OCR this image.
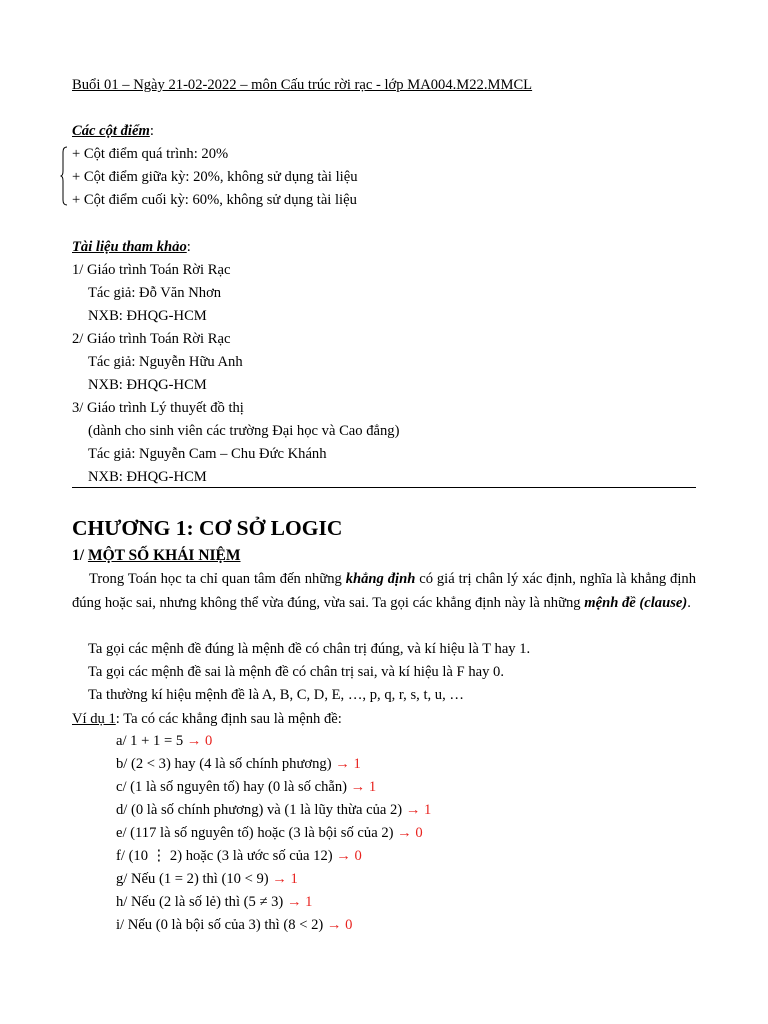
Buổi 01 – Ngày 21-02-2022 – môn Cấu trúc rời rạc - lớp MA004.M22.MMCL
Các cột điểm:
+ Cột điểm quá trình: 20%
+ Cột điểm giữa kỳ: 20%, không sử dụng tài liệu
+ Cột điểm cuối kỳ: 60%, không sử dụng tài liệu
Tài liệu tham khảo:
1/ Giáo trình Toán Rời Rạc
Tác giả: Đỗ Văn Nhơn
NXB: ĐHQG-HCM
2/ Giáo trình Toán Rời Rạc
Tác giả: Nguyễn Hữu Anh
NXB: ĐHQG-HCM
3/ Giáo trình Lý thuyết đồ thị
(dành cho sinh viên các trường Đại học và Cao đẳng)
Tác giả: Nguyễn Cam – Chu Đức Khánh
NXB: ĐHQG-HCM
CHƯƠNG 1: CƠ SỞ LOGIC
1/ MỘT SỐ KHÁI NIỆM
Trong Toán học ta chỉ quan tâm đến những khẳng định có giá trị chân lý xác định, nghĩa là khẳng định đúng hoặc sai, nhưng không thể vừa đúng, vừa sai. Ta gọi các khẳng định này là những mệnh đề (clause).
Ta gọi các mệnh đề đúng là mệnh đề có chân trị đúng, và kí hiệu là T hay 1.
Ta gọi các mệnh đề sai là mệnh đề có chân trị sai, và kí hiệu là F hay 0.
Ta thường kí hiệu mệnh đề là A, B, C, D, E, …, p, q, r, s, t, u, …
Ví dụ 1: Ta có các khẳng định sau là mệnh đề:
a/ 1 + 1 = 5 → 0
b/ (2 < 3) hay (4 là số chính phương) → 1
c/ (1 là số nguyên tố) hay (0 là số chẵn) → 1
d/ (0 là số chính phương) và (1 là lũy thừa của 2) → 1
e/ (117 là số nguyên tố) hoặc (3 là bội số của 2) → 0
f/ (10 ⋮ 2) hoặc (3 là ước số của 12) → 0
g/ Nếu (1 = 2) thì (10 < 9) → 1
h/ Nếu (2 là số lẻ) thì (5 ≠ 3) → 1
i/ Nếu (0 là bội số của 3) thì (8 < 2) → 0
